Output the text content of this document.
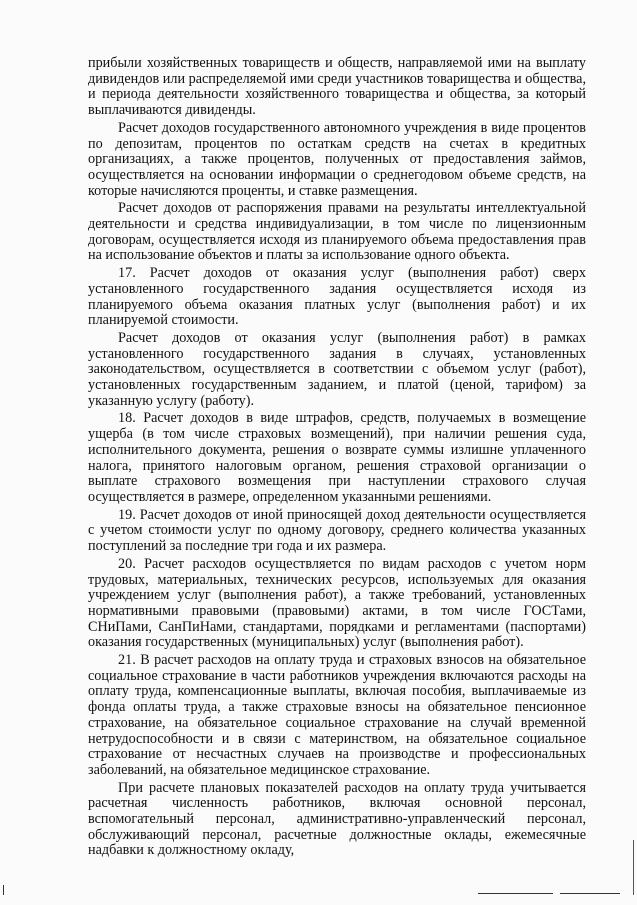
прибыли хозяйственных товариществ и обществ, направляемой ими на выплату дивидендов или распределяемой ими среди участников товарищества и общества, и периода деятельности хозяйственного товарищества и общества, за который выплачиваются дивиденды.

Расчет доходов государственного автономного учреждения в виде процентов по депозитам, процентов по остаткам средств на счетах в кредитных организациях, а также процентов, полученных от предоставления займов, осуществляется на основании информации о среднегодовом объеме средств, на которые начисляются проценты, и ставке размещения.

Расчет доходов от распоряжения правами на результаты интеллектуальной деятельности и средства индивидуализации, в том числе по лицензионным договорам, осуществляется исходя из планируемого объема предоставления прав на использование объектов и платы за использование одного объекта.

17. Расчет доходов от оказания услуг (выполнения работ) сверх установленного государственного задания осуществляется исходя из планируемого объема оказания платных услуг (выполнения работ) и их планируемой стоимости.

Расчет доходов от оказания услуг (выполнения работ) в рамках установленного государственного задания в случаях, установленных законодательством, осуществляется в соответствии с объемом услуг (работ), установленных государственным заданием, и платой (ценой, тарифом) за указанную услугу (работу).

18. Расчет доходов в виде штрафов, средств, получаемых в возмещение ущерба (в том числе страховых возмещений), при наличии решения суда, исполнительного документа, решения о возврате суммы излишне уплаченного налога, принятого налоговым органом, решения страховой организации о выплате страхового возмещения при наступлении страхового случая осуществляется в размере, определенном указанными решениями.

19. Расчет доходов от иной приносящей доход деятельности осуществляется с учетом стоимости услуг по одному договору, среднего количества указанных поступлений за последние три года и их размера.

20. Расчет расходов осуществляется по видам расходов с учетом норм трудовых, материальных, технических ресурсов, используемых для оказания учреждением услуг (выполнения работ), а также требований, установленных нормативными правовыми (правовыми) актами, в том числе ГОСТами, СНиПами, СанПиНами, стандартами, порядками и регламентами (паспортами) оказания государственных (муниципальных) услуг (выполнения работ).

21. В расчет расходов на оплату труда и страховых взносов на обязательное социальное страхование в части работников учреждения включаются расходы на оплату труда, компенсационные выплаты, включая пособия, выплачиваемые из фонда оплаты труда, а также страховые взносы на обязательное пенсионное страхование, на обязательное социальное страхование на случай временной нетрудоспособности и в связи с материнством, на обязательное социальное страхование от несчастных случаев на производстве и профессиональных заболеваний, на обязательное медицинское страхование.

При расчете плановых показателей расходов на оплату труда учитывается расчетная численность работников, включая основной персонал, вспомогательный персонал, административно-управленческий персонал, обслуживающий персонал, расчетные должностные оклады, ежемесячные надбавки к должностному окладу,
